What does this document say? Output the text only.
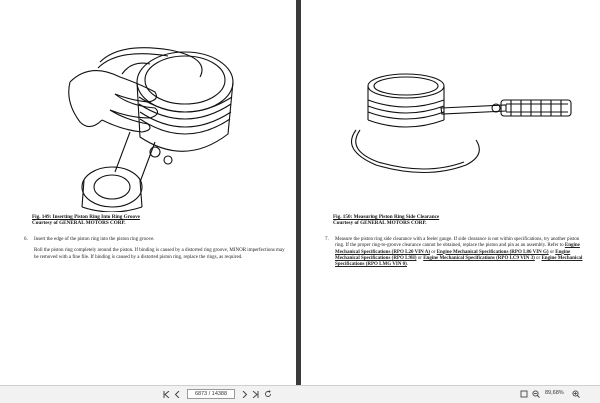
Fig. 149: Inserting Piston Ring Into Ring Groove
Courtesy of GENERAL MOTORS CORP.

6.	Insert the edge of the piston ring into the piston ring groove.

Roll the piston ring completely around the piston. If binding is caused by a distorted ring groove, MINOR imperfections may be removed with a fine file. If binding is caused by a distorted piston ring, replace the rings, as required.

Fig. 150: Measuring Piston Ring Side Clearance
Courtesy of GENERAL MOTORS CORP.

7.	Measure the piston ring side clearance with a feeler gauge. If side clearance is not within specifications, try another piston ring. If the proper ring-to-groove clearance cannot be obtained, replace the piston and pin as an assembly. Refer to Engine Mechanical Specifications (RPO L20 VIN A) or Engine Mechanical Specifications (RPO L86 VIN G) or Engine Mechanical Specifications (RPO L9H) or Engine Mechanical Specifications (RPO LC9 VIN 3) or Engine Mechanical Specifications (RPO LMG VIN 0).

6873 / 14388	89,68%
